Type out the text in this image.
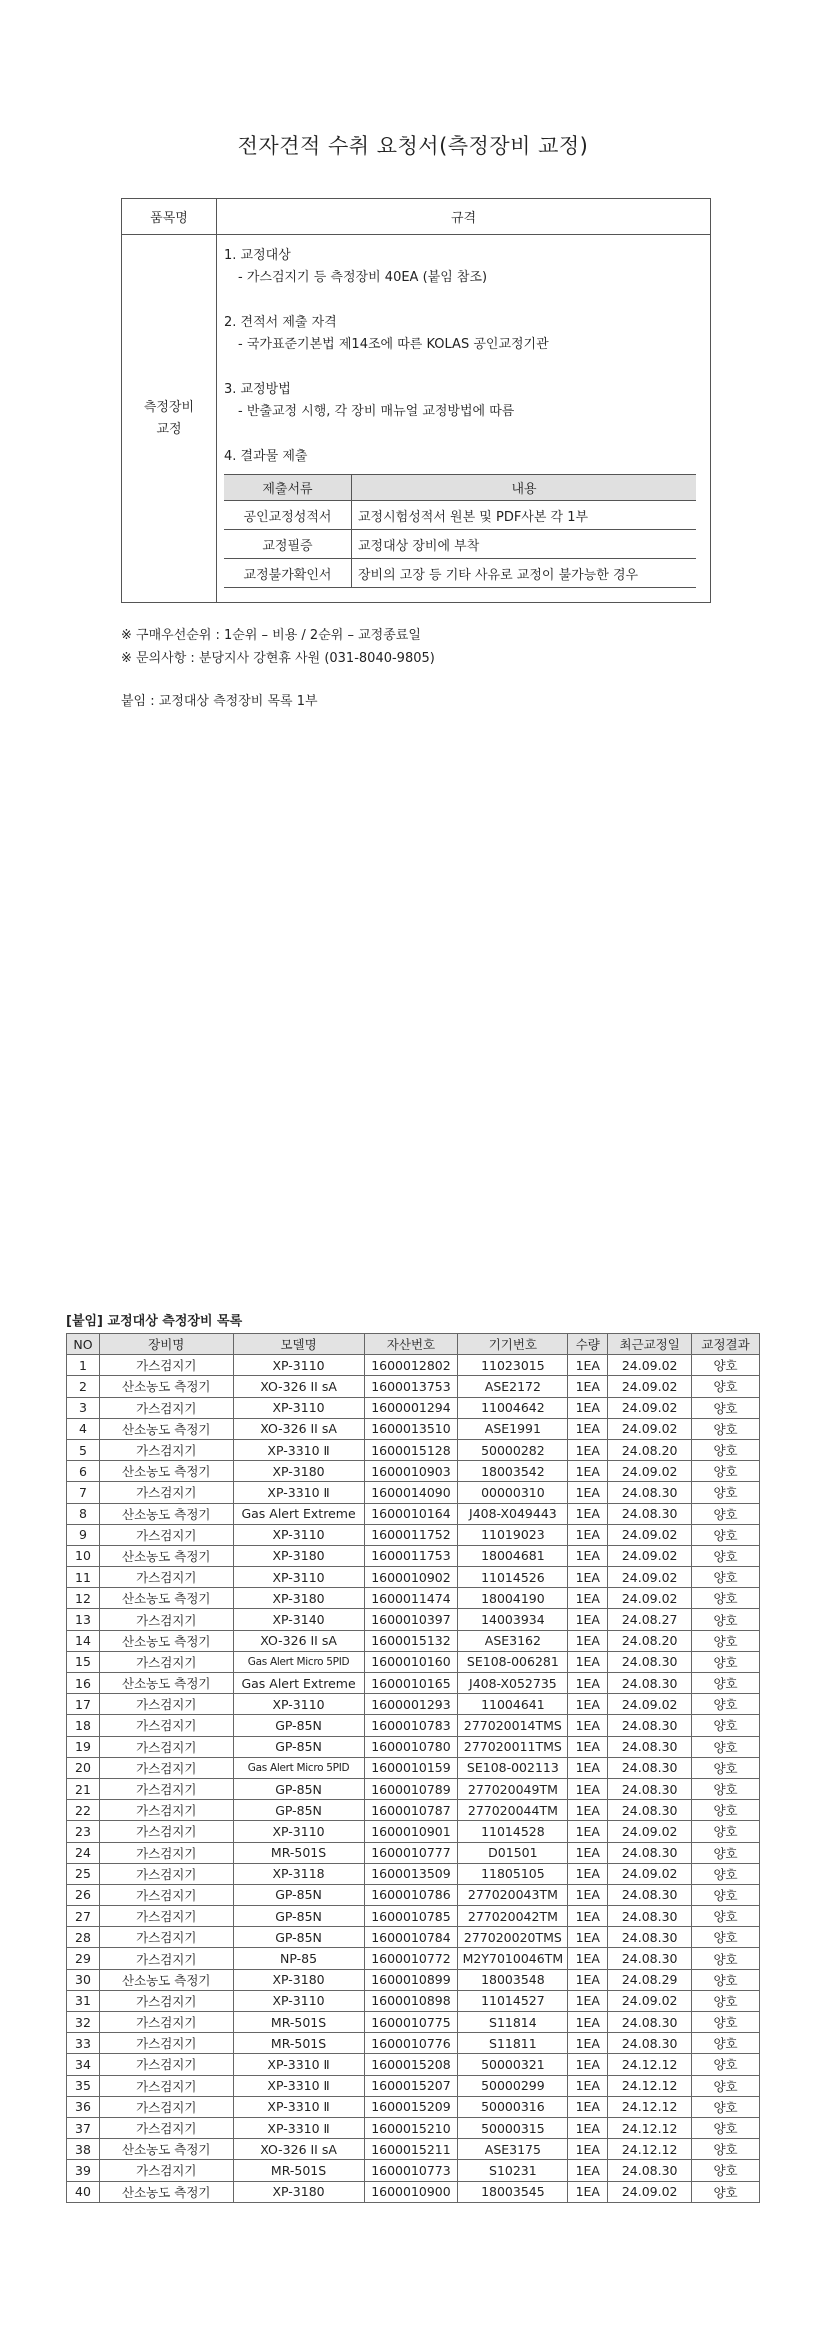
전자견적 수취 요청서(측정장비 교정)
품목명	규격

측정장비
교정

1. 교정대상
- 가스검지기 등 측정장비 40EA (붙임 참조)
2. 견적서 제출 자격
- 국가표준기본법 제14조에 따른 KOLAS 공인교정기관
3. 교정방법
- 반출교정 시행, 각 장비 매뉴얼 교정방법에 따름
4. 결과물 제출
제출서류	내용
공인교정성적서	교정시험성적서 원본 및 PDF사본 각 1부
교정필증	교정대상 장비에 부착
교정불가확인서	장비의 고장 등 기타 사유로 교정이 불가능한 경우
※ 구매우선순위 : 1순위 – 비용 / 2순위 – 교정종료일
※ 문의사항 : 분당지사 강현휴 사원 (031-8040-9805)
붙임 : 교정대상 측정장비 목록 1부
[붙임] 교정대상 측정장비 목록
NO	장비명	모델명	자산번호	기기번호	수량	최근교정일	교정결과
1	가스검지기	XP-3110	1600012802	11023015	1EA	24.09.02	양호
2	산소농도 측정기	XO-326 II sA	1600013753	ASE2172	1EA	24.09.02	양호
3	가스검지기	XP-3110	1600001294	11004642	1EA	24.09.02	양호
4	산소농도 측정기	XO-326 II sA	1600013510	ASE1991	1EA	24.09.02	양호
5	가스검지기	XP-3310 Ⅱ	1600015128	50000282	1EA	24.08.20	양호
6	산소농도 측정기	XP-3180	1600010903	18003542	1EA	24.09.02	양호
7	가스검지기	XP-3310 Ⅱ	1600014090	00000310	1EA	24.08.30	양호
8	산소농도 측정기	Gas Alert Extreme	1600010164	J408-X049443	1EA	24.08.30	양호
9	가스검지기	XP-3110	1600011752	11019023	1EA	24.09.02	양호
10	산소농도 측정기	XP-3180	1600011753	18004681	1EA	24.09.02	양호
11	가스검지기	XP-3110	1600010902	11014526	1EA	24.09.02	양호
12	산소농도 측정기	XP-3180	1600011474	18004190	1EA	24.09.02	양호
13	가스검지기	XP-3140	1600010397	14003934	1EA	24.08.27	양호
14	산소농도 측정기	XO-326 II sA	1600015132	ASE3162	1EA	24.08.20	양호
15	가스검지기	Gas Alert Micro 5PID	1600010160	SE108-006281	1EA	24.08.30	양호
16	산소농도 측정기	Gas Alert Extreme	1600010165	J408-X052735	1EA	24.08.30	양호
17	가스검지기	XP-3110	1600001293	11004641	1EA	24.09.02	양호
18	가스검지기	GP-85N	1600010783	277020014TMS	1EA	24.08.30	양호
19	가스검지기	GP-85N	1600010780	277020011TMS	1EA	24.08.30	양호
20	가스검지기	Gas Alert Micro 5PID	1600010159	SE108-002113	1EA	24.08.30	양호
21	가스검지기	GP-85N	1600010789	277020049TM	1EA	24.08.30	양호
22	가스검지기	GP-85N	1600010787	277020044TM	1EA	24.08.30	양호
23	가스검지기	XP-3110	1600010901	11014528	1EA	24.09.02	양호
24	가스검지기	MR-501S	1600010777	D01501	1EA	24.08.30	양호
25	가스검지기	XP-3118	1600013509	11805105	1EA	24.09.02	양호
26	가스검지기	GP-85N	1600010786	277020043TM	1EA	24.08.30	양호
27	가스검지기	GP-85N	1600010785	277020042TM	1EA	24.08.30	양호
28	가스검지기	GP-85N	1600010784	277020020TMS	1EA	24.08.30	양호
29	가스검지기	NP-85	1600010772	M2Y7010046TM	1EA	24.08.30	양호
30	산소농도 측정기	XP-3180	1600010899	18003548	1EA	24.08.29	양호
31	가스검지기	XP-3110	1600010898	11014527	1EA	24.09.02	양호
32	가스검지기	MR-501S	1600010775	S11814	1EA	24.08.30	양호
33	가스검지기	MR-501S	1600010776	S11811	1EA	24.08.30	양호
34	가스검지기	XP-3310 Ⅱ	1600015208	50000321	1EA	24.12.12	양호
35	가스검지기	XP-3310 Ⅱ	1600015207	50000299	1EA	24.12.12	양호
36	가스검지기	XP-3310 Ⅱ	1600015209	50000316	1EA	24.12.12	양호
37	가스검지기	XP-3310 Ⅱ	1600015210	50000315	1EA	24.12.12	양호
38	산소농도 측정기	XO-326 II sA	1600015211	ASE3175	1EA	24.12.12	양호
39	가스검지기	MR-501S	1600010773	S10231	1EA	24.08.30	양호
40	산소농도 측정기	XP-3180	1600010900	18003545	1EA	24.09.02	양호
